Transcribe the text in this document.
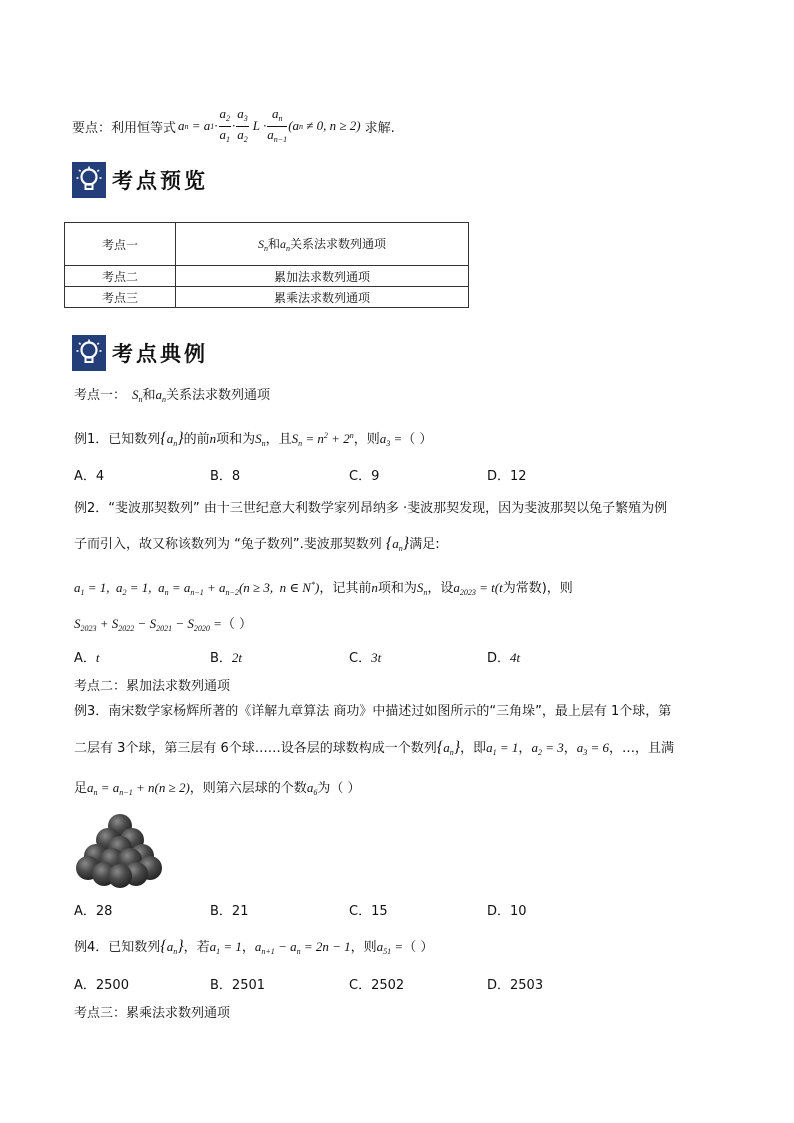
要点：利用恒等式 a n
= a $1 \cdot \frac{a_2}{a_1} \cdot \frac{a_3}{a_2}$ $L \cdot \frac{a_n}{a_{n-1}}$ ( a n
≠ 0, n ≥ 2) 求解.
考点预览
考点一	$S_n$和$a_n$关系法求数列通项
考点二	累加法求数列通项
考点三	累乘法求数列通项
考点典例
考点一： $S_n$和$a_n$关系法求数列通项
例1．已知数列$\{a_n\}$的前n项和为$S_n$，且$S_n = n^2 + 2^n$，则$a_3$ =（ ）
A．4	B．8	C．9	D．12
例2．“斐波那契数列” 由十三世纪意大利数学家列昂纳多 ·斐波那契发现，因为斐波那契以兔子繁殖为例
子而引入，故又称该数列为 “兔子数列”.斐波那契数列 $\{a_n\}$满足:
$a_1 = 1$,  $a_2 = 1$,  $a_n = a_{n-1} + a_{n-2}(n \ge 3$,  n ∈ N*)，记其前n项和为$S_n$，设$a_{2023} = t(t$为常数)，则
$S_{2023} + S_{2022} - S_{2021} - S_{2020}$ =（ ）
A．t	B．2t	C．3t	D．4t
考点二：累加法求数列通项
例3．南宋数学家杨辉所著的《详解九章算法 商功》中描述过如图所示的“三角垛”，最上层有 1个球，第
二层有 3个球，第三层有 6个球……设各层的球数构成一个数列$\{a_n\}$，即$a_1 = 1$，$a_2 = 3$，$a_3 = 6$，…，且满
足$a_n = a_{n-1} + n(n \ge 2)$，则第六层球的个数$a_6$为（ ）
A．28	B．21	C．15	D．10
例4．已知数列$\{a_n\}$，若$a_1 = 1$，$a_{n+1} - a_n = 2n - 1$，则$a_{51}$ =（ ）
A．2500	B．2501	C．2502	D．2503
考点三：累乘法求数列通项
